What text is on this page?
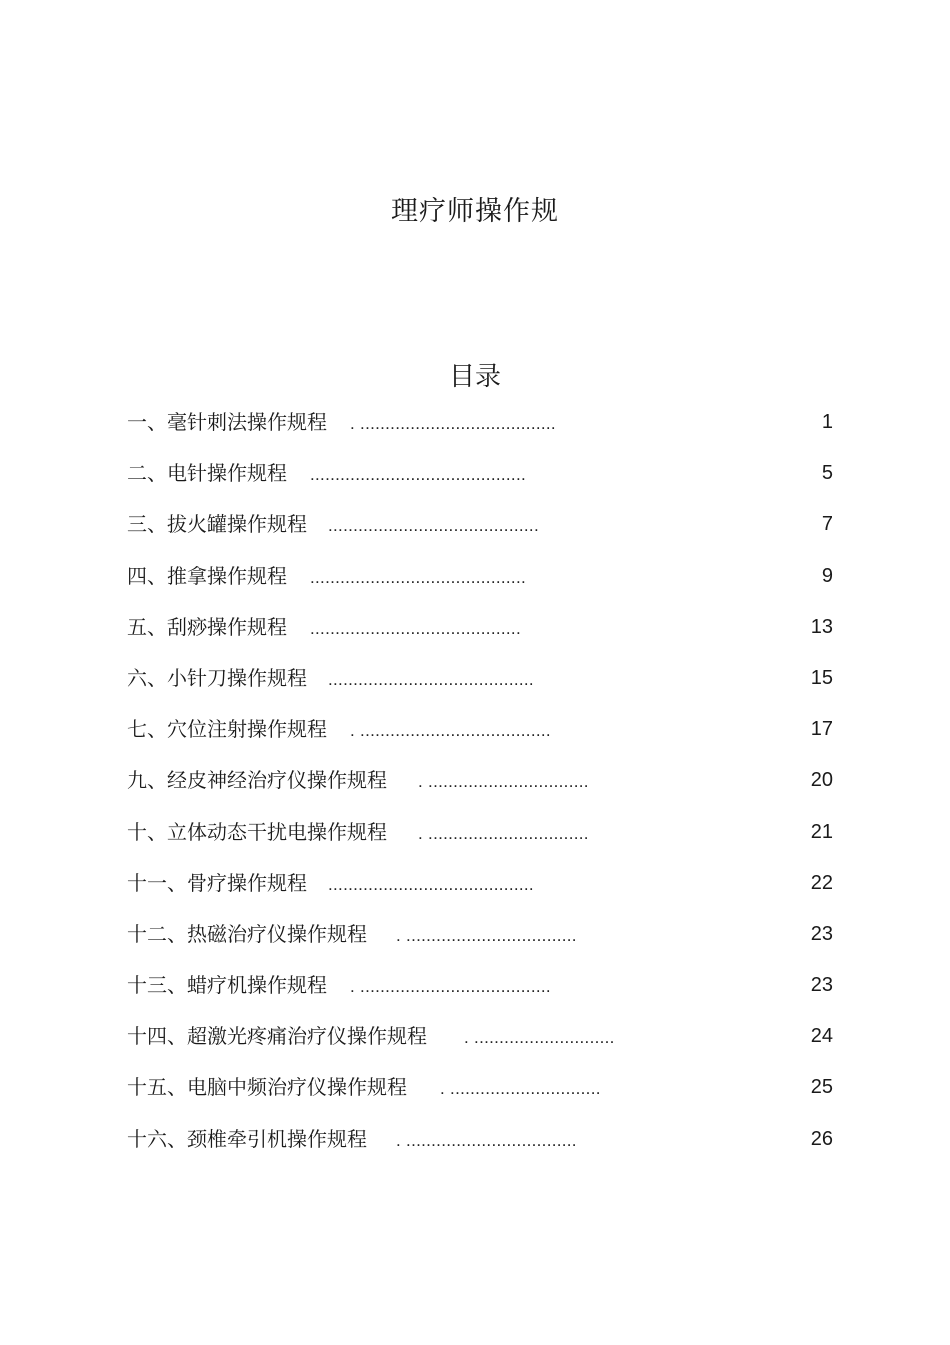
理疗师操作规
目录
一、毫针刺法操作规程 . .......................................	1
二、电针操作规程 ...........................................	5
三、拔火罐操作规程 ..........................................	7
四、推拿操作规程 ...........................................	9
五、刮痧操作规程 ..........................................	13
六、小针刀操作规程 .........................................	15
七、穴位注射操作规程 . ......................................	17
九、经皮神经治疗仪操作规程 . ................................	20
十、立体动态干扰电操作规程 . ................................	21
十一、骨疗操作规程 .........................................	22
十二、热磁治疗仪操作规程 . ..................................	23
十三、蜡疗机操作规程 . ......................................	23
十四、超激光疼痛治疗仪操作规程 . ............................	24
十五、电脑中频治疗仪操作规程 . ..............................	25
十六、颈椎牵引机操作规程 . ..................................	26
